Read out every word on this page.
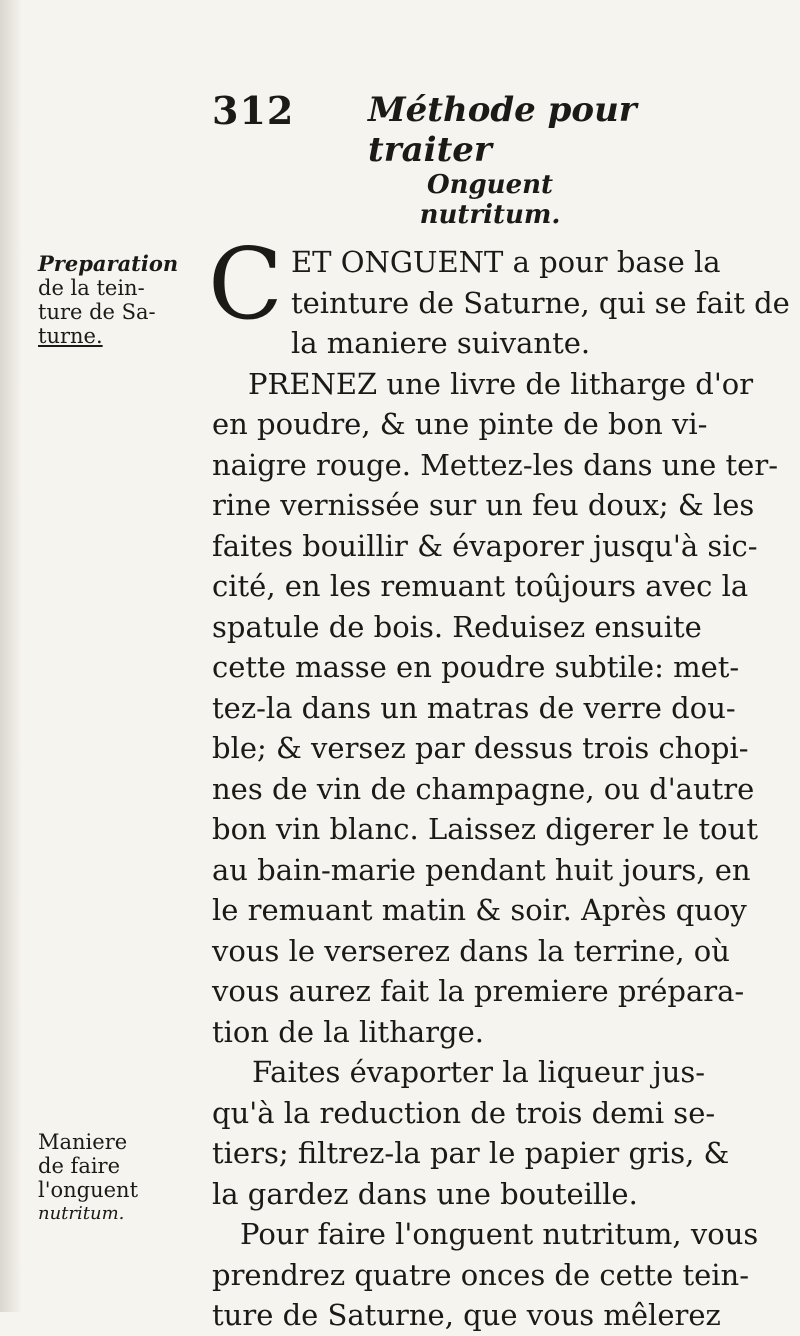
312 Méthode pour traiter
Onguent nutritum.
Preparation
de la tein-
ture de Sa-
turne.
Maniere
de faire
l'onguent
nutritum.
C ET ONGUENT a pour base la
teinture de Saturne, qui se fait de
la maniere suivante.
PRENEZ une livre de litharge d'or
en poudre, & une pinte de bon vi-
naigre rouge. Mettez-les dans une ter-
rine vernissée sur un feu doux; & les
faites bouillir & évaporer jusqu'à sic-
cité, en les remuant toûjours avec la
spatule de bois. Reduisez ensuite
cette masse en poudre subtile: met-
tez-la dans un matras de verre dou-
ble; & versez par dessus trois chopi-
nes de vin de champagne, ou d'autre
bon vin blanc. Laissez digerer le tout
au bain-marie pendant huit jours, en
le remuant matin & soir. Après quoy
vous le verserez dans la terrine, où
vous aurez fait la premiere prépara-
tion de la litharge.
Faites évaporter la liqueur jus-
qu'à la reduction de trois demi se-
tiers; filtrez-la par le papier gris, &
la gardez dans une bouteille.
Pour faire l'onguent nutritum, vous
prendrez quatre onces de cette tein-
ture de Saturne, que vous mêlerez
